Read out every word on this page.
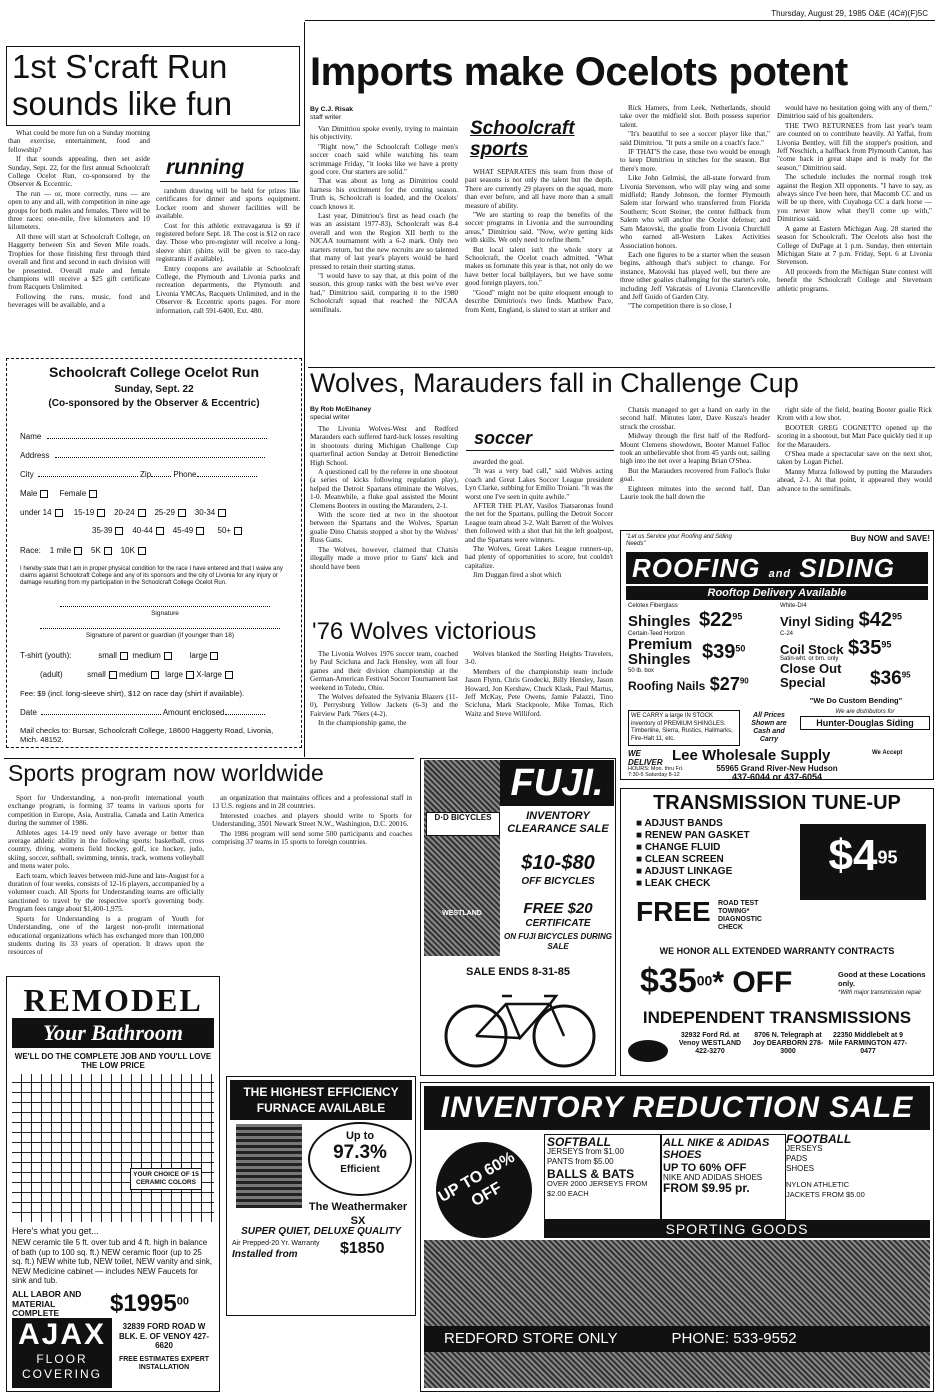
Thursday, August 29, 1985 O&E (4C#)(F)5C
1st S'craft Run sounds like fun

What could be more fun on a Sunday morning than exercise, entertainment, food and fellowship?

If that sounds appealing, then set aside Sunday, Sept. 22, for the first annual Schoolcraft College Ocelot Run, co-sponsored by the Observer & Eccentric.

The run — or, more correctly, runs — are open to any and all, with competition in nine age groups for both males and females. There will be three races: one-mile, five kilometers and 10 kilometers.

All three will start at Schoolcraft College, on Haggerty between Six and Seven Mile roads. Trophies for those finishing first through third overall and first and second in each division will be presented. Overall male and female champions will receive a $25 gift certificate from Racquets Unlimited.

Following the runs, music, food and beverages will be available, and a

running

random drawing will be held for prizes like certificates for dinner and sports equipment. Locker room and shower facilities will be available.

Cost for this athletic extravaganza is $9 if registered before Sept. 18. The cost is $12 on race day. Those who pre-register will receive a long-sleeve shirt (shirts will be given to race-day registrants if available).

Entry coupons are available at Schoolcraft College, the Plymouth and Livonia parks and recreation departments, the Plymouth and Livonia YMCAs, Racquets Unlimited, and in the Observer & Eccentric sports pages. For more information, call 591-6400, Ext. 480.

Schoolcraft College Ocelot Run
Sunday, Sept. 22
(Co-sponsored by the Observer & Eccentric)
Name
Address
City	Zip	Phone
Male	Female
under 14	15-19 20-24 25-29 30-34
35-39 40-44 45-49	50+
Race: 1 mile 5K 10K
I hereby state that I am in proper physical condition for the race I have entered and that I waive any claims against Schoolcraft College and any of its sponsors and the city of Livonia for any injury or damage resulting from my participation in the Schoolcraft College Ocelot Run.
Signature
Signature of parent or guardian (if younger than 18)
T-shirt (youth):	small medium	large
(adult)	small medium large X-large
Fee: $9 (incl. long-sleeve shirt), $12 on race day (shirt if available).
Date	Amount enclosed
Mail checks to: Bursar, Schoolcraft College, 18600 Haggerty Road, Livonia, Mich. 48152.
Imports make Ocelots potent
By C.J. Risak
staff writer

Van Dimitriou spoke evenly, trying to maintain his objectivity.

"Right now," the Schoolcraft College men's soccer coach said while watching his team scrimmage Friday, "it looks like we have a pretty good core. Our starters are solid."

That was about as long as Dimitriou could harness his excitement for the coming season. Truth is, Schoolcraft is loaded, and the Ocelots' coach knows it.

Last year, Dimitriou's first as head coach (he was an assistant 1977-83), Schoolcraft was 8-4 overall and won the Region XII berth to the NJCAA tournament with a 6-2 mark. Only two starters return, but the new recruits are so talented that many of last year's players would be hard pressed to retain their starting status.

"I would have to say that, at this point of the season, this group ranks with the best we've ever had," Dimitriou said, comparing it to the 1980 Schoolcraft squad that reached the NJCAA semifinals.

Schoolcraft sports

WHAT SEPARATES this team from those of past seasons is not only the talent but the depth. There are currently 29 players on the squad, more than ever before, and all have more than a small measure of ability.

"We are starting to reap the benefits of the soccer programs in Livonia and the surrounding areas," Dimitriou said. "Now, we're getting kids with skills. We only need to refine them."

But local talent isn't the whole story at Schoolcraft, the Ocelot coach admitted. "What makes us fortunate this year is that, not only do we have better local ballplayers, but we have some good foreign players, too."

"Good" might not be quite eloquent enough to describe Dimitriou's two finds. Matthew Pace, from Kent, England, is slated to start at striker and

Rick Hamers, from Leek, Netherlands, should take over the midfield slot. Both possess superior talent.

"It's beautiful to see a soccer player like that," said Dimitriou. "It puts a smile on a coach's face."

IF THAT'S the case, those two would be enough to keep Dimitriou in stitches for the season. But there's more.

Like John Gelmisi, the all-state forward from Livonia Stevenson, who will play wing and some midfield; Randy Johnson, the former Plymouth Salem star forward who transferred from Florida Southern; Scott Steiner, the center fullback from Salem who will anchor the Ocelot defense; and Sam Matovski, the goalie from Livonia Churchill who earned all-Western Lakes Activities Association honors.

Each one figures to be a starter when the season begins, although that's subject to change. For instance, Matovski has played well, but there are three other goalies challenging for the starter's role, including Jeff Vakratsis of Livonia Clarenceville and Jeff Guido of Garden City.

"The competition there is so close, I

would have no hesitation going with any of them," Dimitriou said of his goaltenders.

THE TWO RETURNEES from last year's team are counted on to contribute heavily. Al Yaffai, from Livonia Bentley, will fill the stopper's position, and Jeff Neschich, a halfback from Plymouth Canton, has "come back in great shape and is ready for the season," Dimitriou said.

The schedule includes the normal rough trek against the Region XII opponents. "I have to say, as always since I've been here, that Macomb CC and us will be up there, with Cuyahoga CC a dark horse — you never know what they'll come up with," Dimitriou said.

A game at Eastern Michigan Aug. 28 started the season for Schoolcraft. The Ocelots also host the College of DuPage at 1 p.m. Sunday, then entertain Michigan State at 7 p.m. Friday, Sept. 6 at Livonia Stevenson.

All proceeds from the Michigan State contest will benefit the Schoolcraft College and Stevenson athletic programs.

Wolves, Marauders fall in Challenge Cup
By Rob McElhaney
special writer

The Livonia Wolves-West and Redford Marauders each suffered hard-luck losses resulting in shootouts during Michigan Challenge Cup quarterfinal action Sunday at Detroit Benedictine High School.

A questioned call by the referee in one shootout (a series of kicks following regulation play), helped the Detroit Spartans eliminate the Wolves, 1-0. Meanwhile, a fluke goal assisted the Mount Clemens Booters in ousting the Marauders, 2-1.

With the score tied at two in the shootout between the Spartans and the Wolves, Spartan goalie Dino Chatsis stopped a shot by the Wolves' Russ Gans.

The Wolves, however, claimed that Chatsis illegally made a move prior to Gans' kick and should have been

soccer

awarded the goal.

"It was a very bad call," said Wolves acting coach and Great Lakes Soccer League president Lyn Clarke, subbing for Emilio Troiani. "It was the worst one I've seen in quite awhile."

AFTER THE PLAY, Vasilos Tsatsaronas found the net for the Spartans, pulling the Detroit Soccer League team ahead 3-2. Walt Barrett of the Wolves then followed with a shot that hit the left goalpost, and the Spartans were winners.

The Wolves, Great Lakes League runners-up, had plenty of opportunities to score, but couldn't capitalize.

Jim Duggan fired a shot which

Chatsis managed to get a hand on early in the second half. Minutes later, Dave Kusza's header struck the crossbar.

Midway through the first half of the Redford-Mount Clemens showdown, Booter Manuel Falloc took an unbelievable shot from 45 yards out, sailing high into the net over a leaping Brian O'Shea.

But the Marauders recovered from Falloc's fluke goal.

Eighteen minutes into the second half, Dan Laurie took the ball down the

right side of the field, beating Booter goalie Rick Krom with a low shot.

BOOTER GREG COGNETTO opened up the scoring in a shootout, but Matt Pace quickly tied it up for the Marauders.

O'Shea made a spectacular save on the next shot, taken by Logan Pichel.

Manny Murza followed by putting the Marauders ahead, 2-1. At that point, it appeared they would advance to the semifinals.

'76 Wolves victorious

The Livonia Wolves 1976 soccer team, coached by Paul Scicluna and Jack Hensley, won all four games and their division championship at the German-American Festival Soccer Tournament last weekend in Toledo, Ohio.

The Wolves defeated the Sylvania Blazers (11-0), Perrysburg Yellow Jackets (6-3) and the Fairview Park '76ers (4-2).

In the championship game, the

Wolves blanked the Sterling Heights Travelers, 3-0.

Members of the championship team include Jason Flynn, Chris Grodecki, Billy Hensley, Jason Howard, Jon Kershaw, Chuck Klask, Paul Martus, Jeff McKay, Pete Owens, Jamie Palazzi, Tino Scicluna, Mark Stackpoole, Mike Tomas, Rich Waitz and Steve Williford.

"Let us Service your Roofing and Siding Needs"
Buy NOW and SAVE!
ROOFING and SIDING
Rooftop Delivery Available
Celotex Fiberglass
Shingles $\$22^{95}$
Certain-Teed Horizon
Premium Shingles $\$39^{50}$
50 lb. box
Roofing Nails $\$27^{90}$
White-D/4
Vinyl Siding $\$42^{95}$
C-24
Coil Stock $\$35^{95}$
Satin-wht. or brn. only
Close Out Special	$\$36^{95}$
"We Do Custom Bending"
WE CARRY a large IN STOCK inventory of PREMIUM SHINGLES: Timberline, Sierra, Rustics, Hallmarks, Fire-Halt 11, etc.
All Prices Shown are Cash and Carry
We are distributors for
Hunter-Douglas Siding
WE DELIVER Lee Wholesale Supply	We Accept
HOURS: Mon. thru Fri. 7:30-5 Saturday 8-12
55965 Grand River-New Hudson
437-6044 or 437-6054
Sports program now worldwide

Sport for Understanding, a non-profit international youth exchange program, is forming 37 teams in various sports for competition in Europe, Asia, Australia, Canada and Latin America during the summer of 1986.

Athletes ages 14-19 need only have average or better than average athletic ability in the following sports: basketball, cross country, diving, womens field hockey, golf, ice hockey, judo, skiing, soccer, softball, swimming, tennis, track, womens volleyball and mens water polo.

Each team, which leaves between mid-June and late-August for a duration of four weeks, consists of 12-16 players, accompanied by a volunteer coach. All Sports for Understanding teams are officially sanctioned to travel by the respective sport's governing body. Program fees range about $1,400-1,975.

Sports for Understanding is a program of Youth for Understanding, one of the largest non-profit international educational organizations which has exchanged more than 100,000 students during its 33 years of operation. It draws upon the resources of

an organization that maintains offices and a professional staff in 13 U.S. regions and in 28 countries.

Interested coaches and players should write to Sports for Understanding, 3501 Newark Street N.W., Washington, D.C. 20016.

The 1986 program will send some 500 participants and coaches comprising 37 teams in 15 sports to foreign countries.

FUJI.
D·D BICYCLES
WESTLAND
INVENTORY CLEARANCE SALE
$10-$80
OFF BICYCLES
FREE $20
CERTIFICATE
ON FUJI BICYCLES DURING SALE
SALE ENDS 8-31-85
TRANSMISSION TUNE-UP
■ ADJUST BANDS
■ RENEW PAN GASKET
■ CHANGE FLUID
■ CLEAN SCREEN
■ ADJUST LINKAGE
■ LEAK CHECK
$\$4^{95}$
FREE	ROAD TEST TOWING* DIAGNOSTIC CHECK
WE HONOR ALL EXTENDED WARRANTY CONTRACTS
$\$35^{00}*$ OFF	Good at these Locations only.
*With major transmission repair
INDEPENDENT TRANSMISSIONS
32932 Ford Rd. at Venoy WESTLAND 422-3270
8706 N. Telegraph at Joy DEARBORN 278-3000
22350 Middlebelt at 9 Mile FARMINGTON 477-0477
REMODEL
Your Bathroom
WE'LL DO THE COMPLETE JOB AND YOU'LL LOVE THE LOW PRICE
YOUR CHOICE OF 15 CERAMIC COLORS
Here's what you get...
NEW ceramic tile 5 ft. over tub and 4 ft. high in balance of bath (up to 100 sq. ft.) NEW ceramic floor (up to 25 sq. ft.) NEW white tub, NEW toilet, NEW vanity and sink, NEW Medicine cabinet — includes NEW Faucets for sink and tub.
ALL LABOR AND MATERIAL COMPLETE	$1995$^{00}$
AJAX
FLOOR COVERING
32839 FORD ROAD W BLK. E. OF VENOY 427-6620
FREE ESTIMATES EXPERT INSTALLATION
THE HIGHEST EFFICIENCY FURNACE AVAILABLE
Up to
97.3%
Efficient
The Weathermaker SX
SUPER QUIET, DELUXE QUALITY
Air Prepped-20 Yr. Warranty
Installed from	$1850
INVENTORY REDUCTION SALE
UP TO 60% OFF
SOFTBALL
JERSEYS from $1.00
PANTS from $5.00
BALLS & BATS
OVER 2000 JERSEYS FROM $2.00 EACH
ALL NIKE & ADIDAS SHOES
UP TO 60% OFF
NIKE AND ADIDAS SHOES
FROM $9.95 pr.
FOOTBALL
JERSEYS PADS SHOES
NYLON ATHLETIC JACKETS FROM $5.00
SPORTING GOODS
REDFORD STORE ONLY	PHONE: 533-9552
